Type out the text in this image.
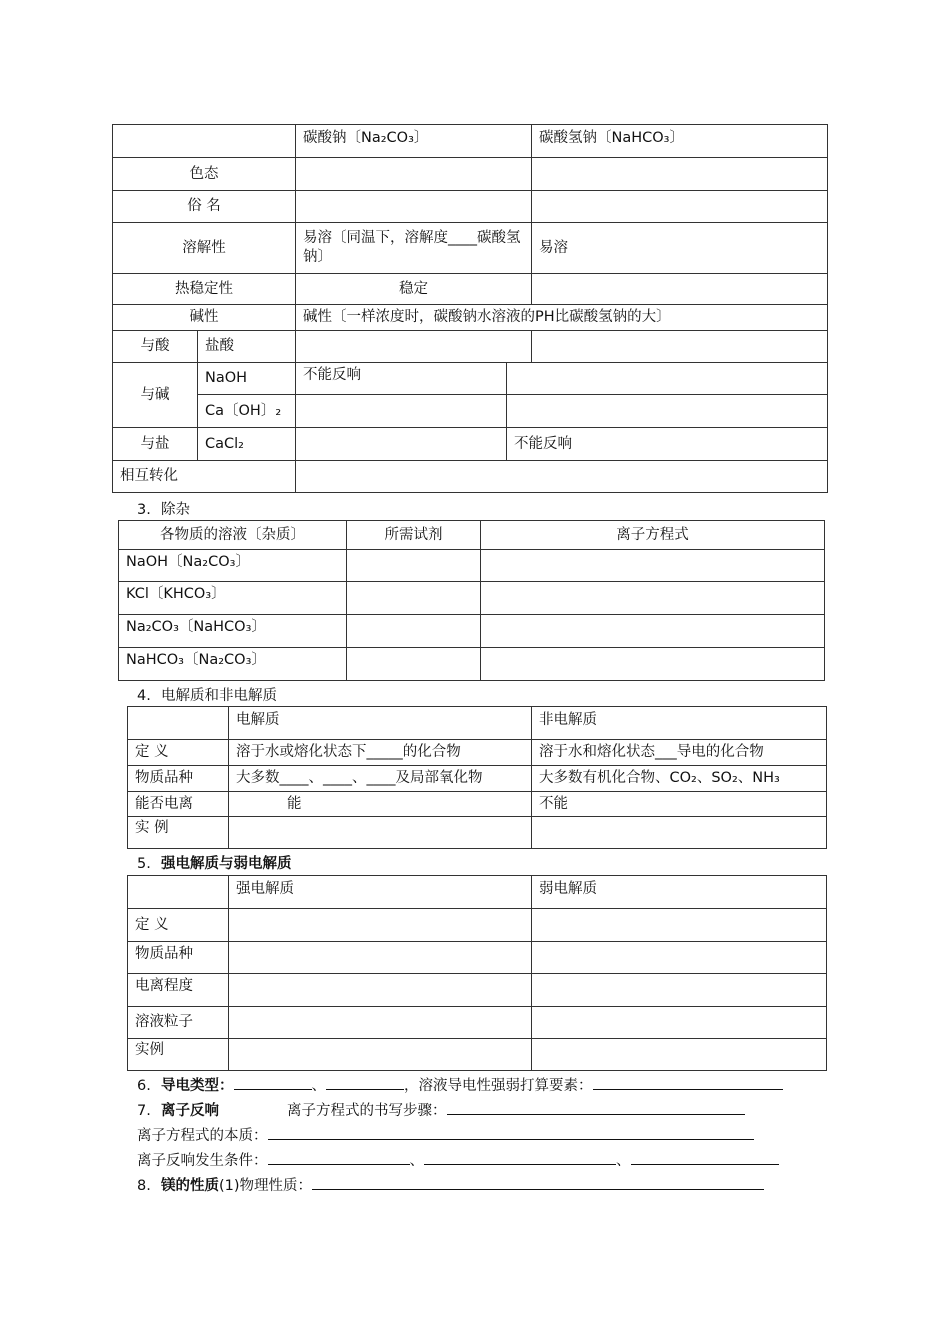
		碳酸钠〔Na₂CO₃〕		碳酸氢钠〔NaHCO₃〕
色态				
俗 名				
溶解性		易溶〔同温下，溶解度____碳酸氢钠〕		易溶
热稳定性		稳定		
碱性		碱性〔一样浓度时，碳酸钠水溶液的PH比碳酸氢钠的大〕		
与酸	盐酸			
与碱	NaOH	不能反响		
	Ca〔OH〕₂			
与盐	CaCl₂		不能反响	
相互转化				
3. 除杂
各物质的溶液〔杂质〕	所需试剂	离子方程式
NaOH〔Na₂CO₃〕		
KCl〔KHCO₃〕		
Na₂CO₃〔NaHCO₃〕		
NaHCO₃〔Na₂CO₃〕		
4. 电解质和非电解质
	电解质	非电解质
定 义	溶于水或熔化状态下_____的化合物	溶于水和熔化状态___导电的化合物
物质品种	大多数____、____、____及局部氧化物	大多数有机化合物、CO₂、SO₂、NH₃
能否电离	能	不能
实 例		
5. 强电解质与弱电解质
	强电解质	弱电解质
定 义		
物质品种		
电离程度		
溶液粒子		
实例		
6. 导电类型：	、	，溶液导电性强弱打算要素：
7. 离子反响	离子方程式的书写步骤：
离子方程式的本质：
离子反响发生条件：	、	、
8. 镁的性质(1)物理性质：
